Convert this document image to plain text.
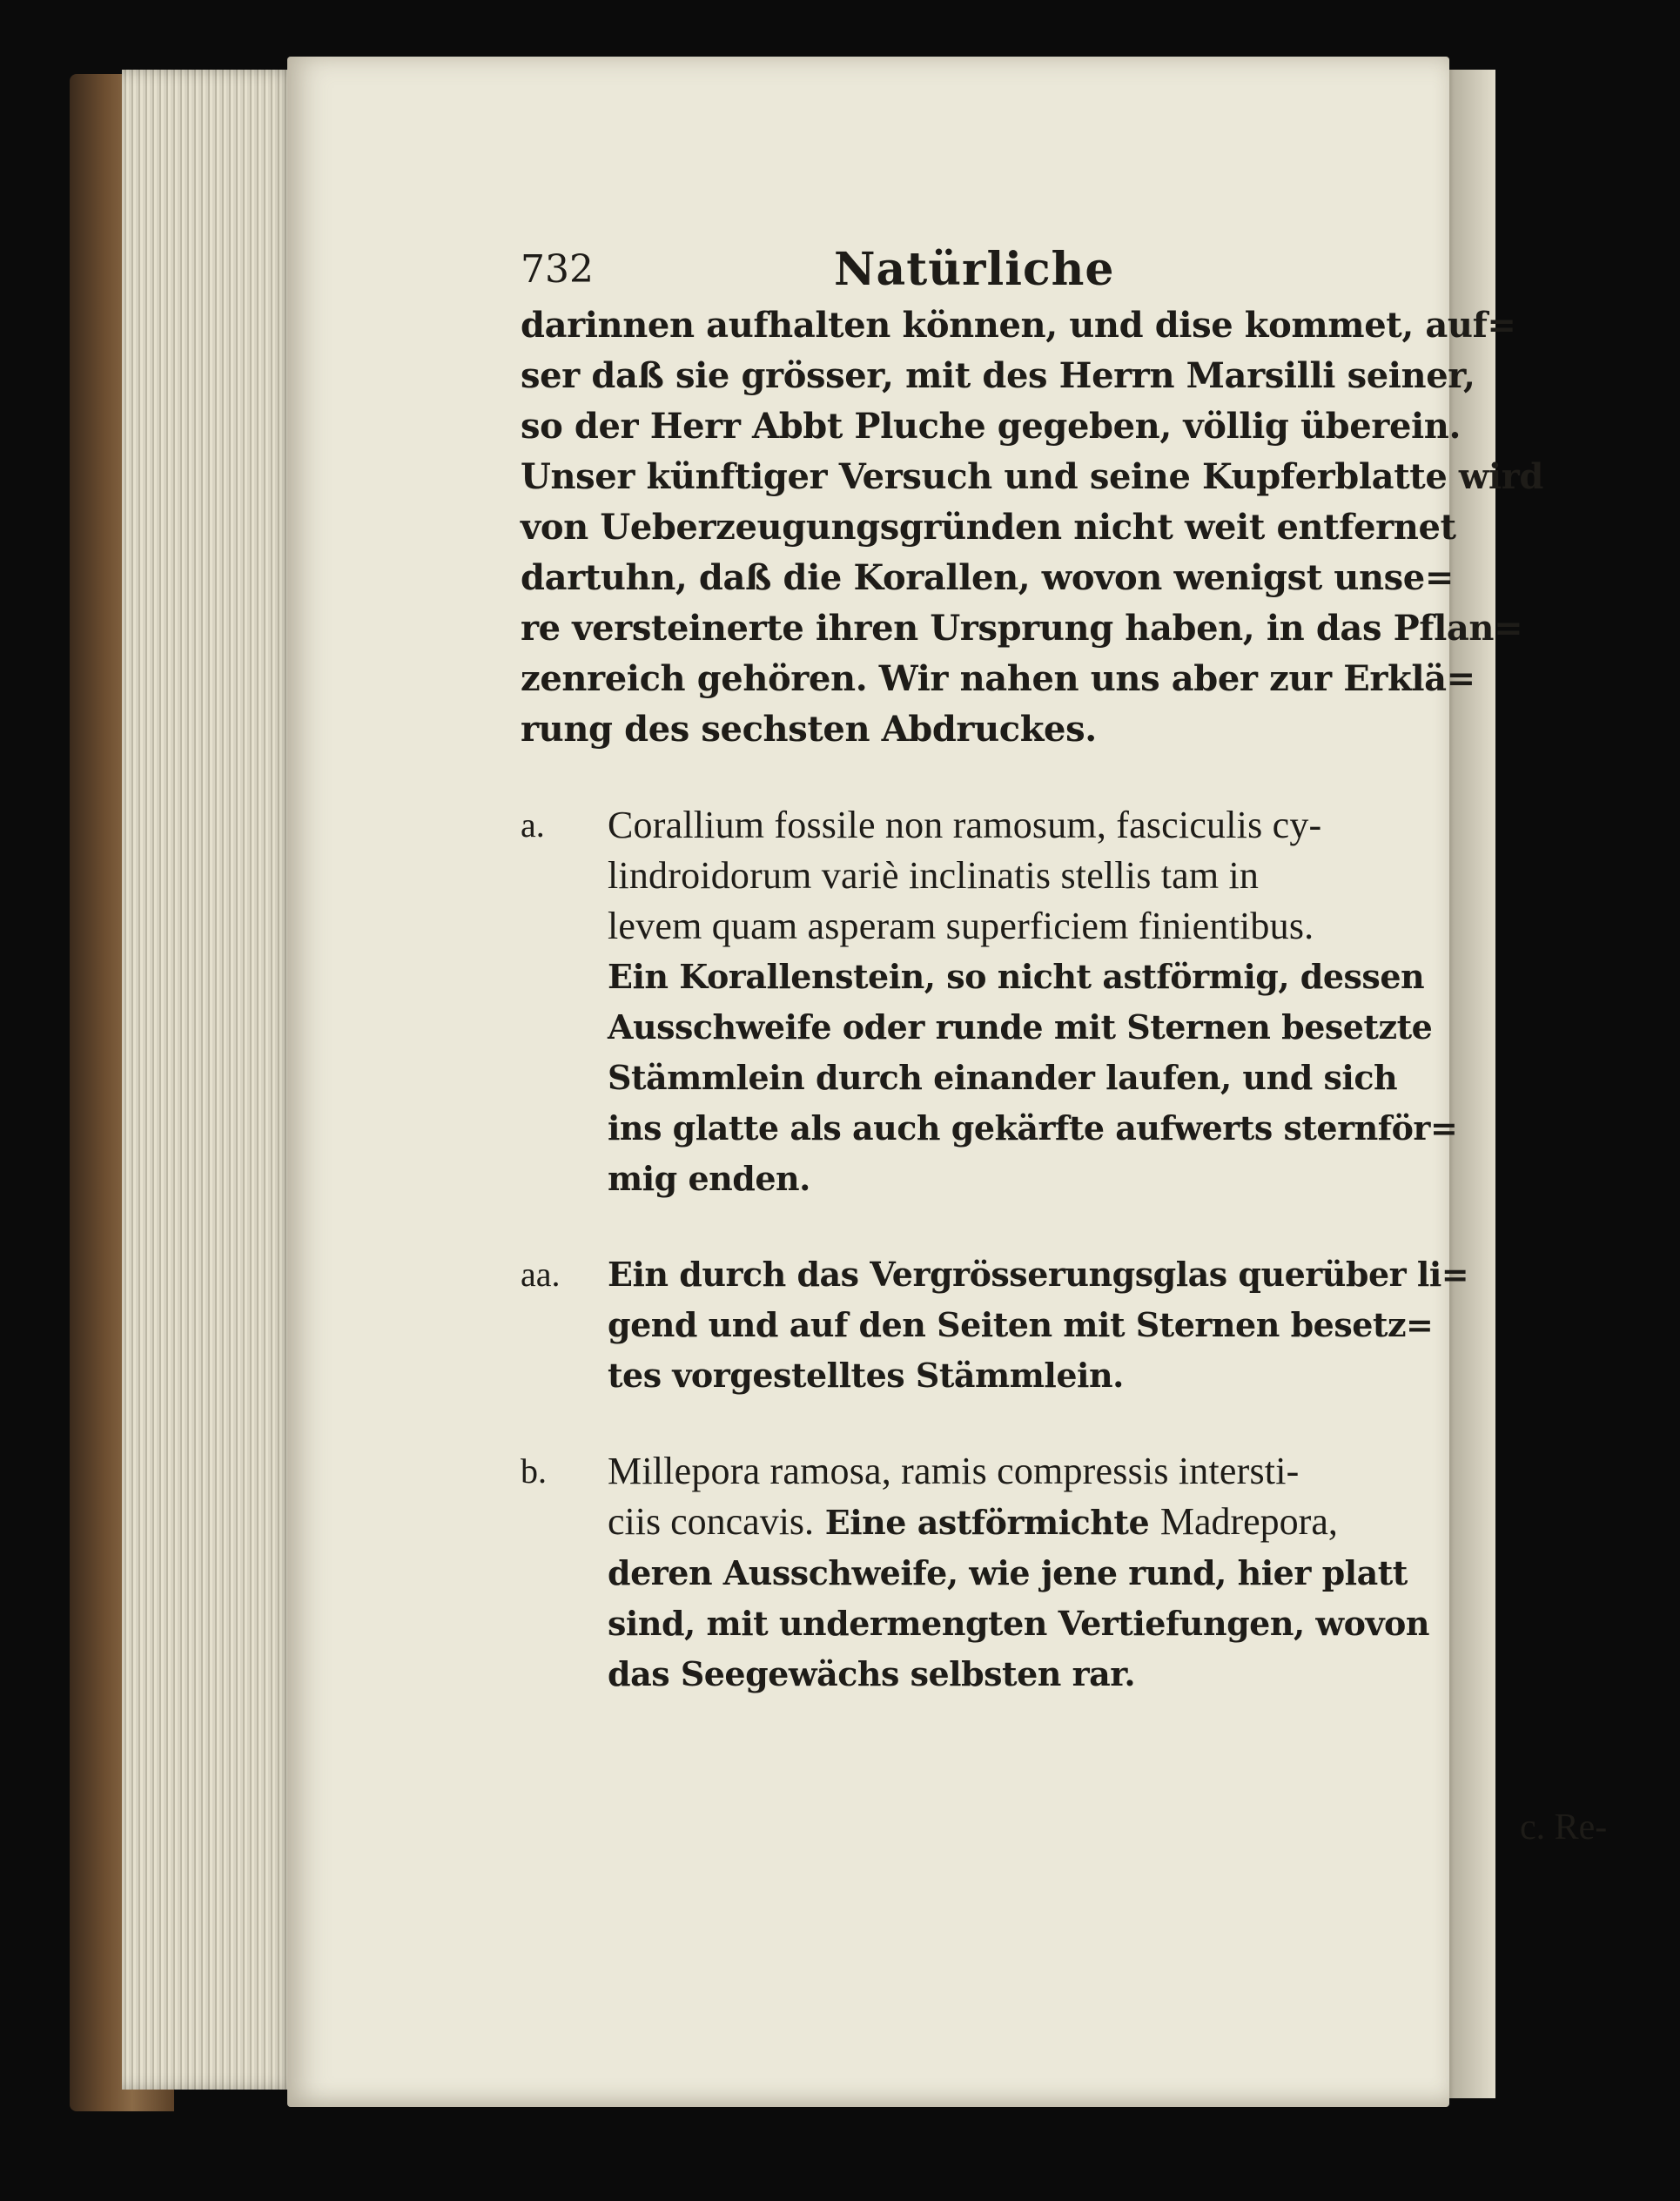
732	Natürliche
darinnen aufhalten können, und dise kommet, auf=
ser daß sie grösser, mit des Herrn Marsilli seiner,
so der Herr Abbt Pluche gegeben, völlig überein.
Unser künftiger Versuch und seine Kupferblatte wird
von Ueberzeugungsgründen nicht weit entfernet
dartuhn, daß die Korallen, wovon wenigst unse=
re versteinerte ihren Ursprung haben, in das Pflan=
zenreich gehören. Wir nahen uns aber zur Erklä=
rung des sechsten Abdruckes.
a. Corallium fossile non ramosum, fasciculis cy-
lindroidorum variè inclinatis stellis tam in
levem quam asperam superficiem finientibus.
Ein Korallenstein, so nicht astförmig, dessen
Ausschweife oder runde mit Sternen besetzte
Stämmlein durch einander laufen, und sich
ins glatte als auch gekärfte aufwerts sternför=
mig enden.
aa. Ein durch das Vergrösserungsglas querüber li=
gend und auf den Seiten mit Sternen besetz=
tes vorgestelltes Stämmlein.
b. Millepora ramosa, ramis compressis intersti-
ciis concavis. Eine astförmichte Madrepora,
deren Ausschweife, wie jene rund, hier platt
sind, mit undermengten Vertiefungen, wovon
das Seegewächs selbsten rar.
c. Re-
